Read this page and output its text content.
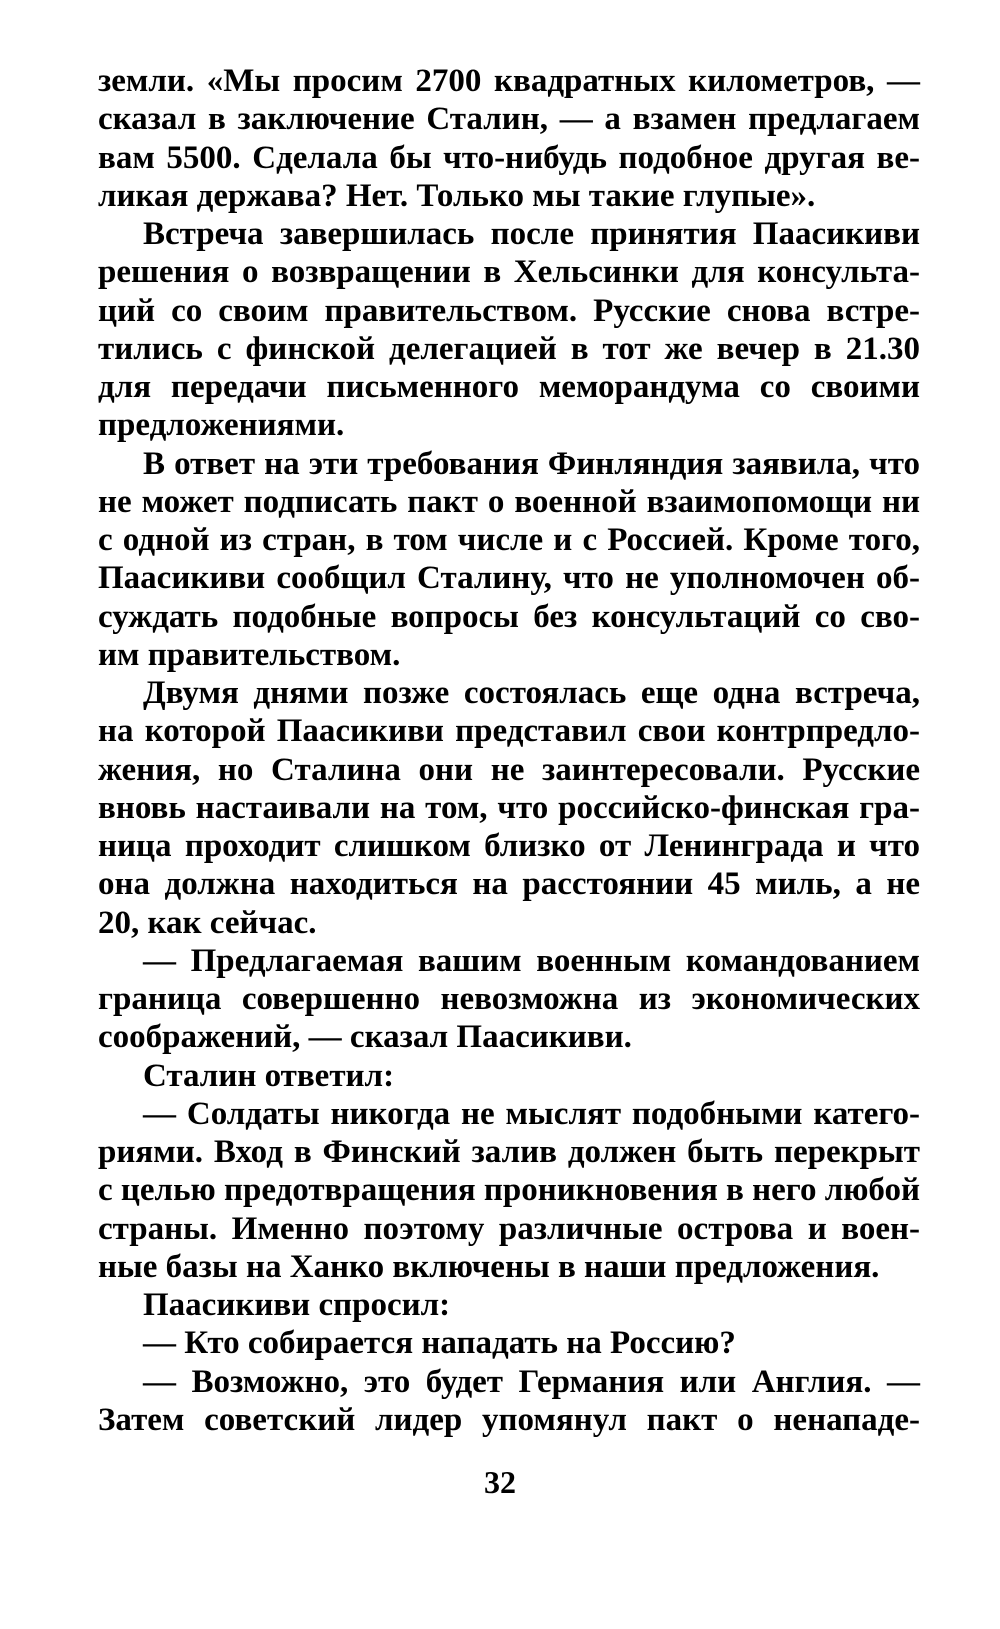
земли. «Мы просим 2700 квадратных километров, —
сказал в заключение Сталин, — а взамен предлагаем
вам 5500. Сделала бы что-нибудь подобное другая ве-
ликая держава? Нет. Только мы такие глупые».
Встреча завершилась после принятия Паасикиви
решения о возвращении в Хельсинки для консульта-
ций со своим правительством. Русские снова встре-
тились с финской делегацией в тот же вечер в 21.30
для передачи письменного меморандума со своими
предложениями.
В ответ на эти требования Финляндия заявила, что
не может подписать пакт о военной взаимопомощи ни
с одной из стран, в том числе и с Россией. Кроме того,
Паасикиви сообщил Сталину, что не уполномочен об-
суждать подобные вопросы без консультаций со сво-
им правительством.
Двумя днями позже состоялась еще одна встреча,
на которой Паасикиви представил свои контрпредло-
жения, но Сталина они не заинтересовали. Русские
вновь настаивали на том, что российско-финская гра-
ница проходит слишком близко от Ленинграда и что
она должна находиться на расстоянии 45 миль, а не
20, как сейчас.
— Предлагаемая вашим военным командованием
граница совершенно невозможна из экономических
соображений, — сказал Паасикиви.
Сталин ответил:
— Солдаты никогда не мыслят подобными катего-
риями. Вход в Финский залив должен быть перекрыт
с целью предотвращения проникновения в него любой
страны. Именно поэтому различные острова и воен-
ные базы на Ханко включены в наши предложения.
Паасикиви спросил:
— Кто собирается нападать на Россию?
— Возможно, это будет Германия или Англия. —
Затем советский лидер упомянул пакт о ненападе-
32
